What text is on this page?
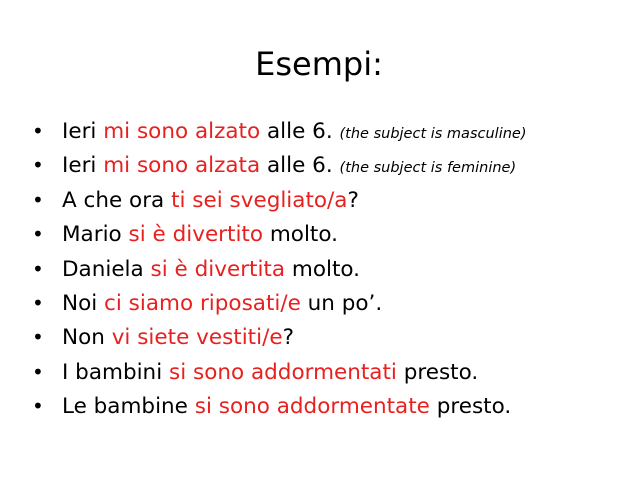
Esempi:
• Ieri mi sono alzato alle 6. (the subject is masculine)
• Ieri mi sono alzata alle 6. (the subject is feminine)
• A che ora ti sei svegliato/a?
• Mario si è divertito molto.
• Daniela si è divertita molto.
• Noi ci siamo riposati/e un po’.
• Non vi siete vestiti/e?
• I bambini si sono addormentati presto.
• Le bambine si sono addormentate presto.
